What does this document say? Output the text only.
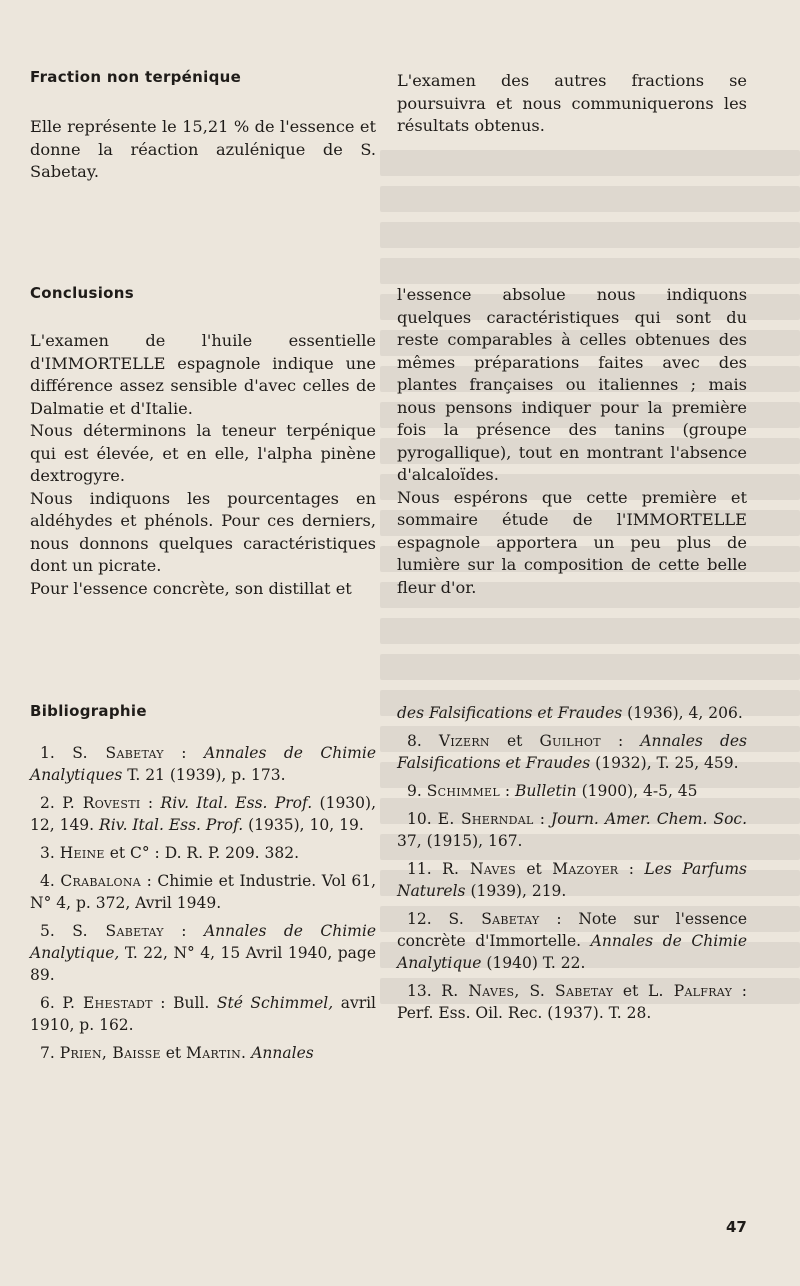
Fraction non terpénique

Elle représente le 15,21 % de l'essence et donne la réaction azulénique de S. Sabetay.

L'examen des autres fractions se poursuivra et nous communiquerons les résultats obtenus.

Conclusions

L'examen de l'huile essentielle d'IMMORTELLE espagnole indique une différence assez sensible d'avec celles de Dalmatie et d'Italie.

Nous déterminons la teneur terpénique qui est élevée, et en elle, l'alpha pinène dextrogyre.

Nous indiquons les pourcentages en aldéhydes et phénols. Pour ces derniers, nous donnons quelques caractéristiques dont un picrate.

Pour l'essence concrète, son distillat et

l'essence absolue nous indiquons quelques caractéristiques qui sont du reste comparables à celles obtenues des mêmes préparations faites avec des plantes françaises ou italiennes ; mais nous pensons indiquer pour la première fois la présence des tanins (groupe pyrogallique), tout en montrant l'absence d'alcaloïdes.

Nous espérons que cette première et sommaire étude de l'IMMORTELLE espagnole apportera un peu plus de lumière sur la composition de cette belle fleur d'or.

Bibliographie

1. S. Sabetay : Annales de Chimie Analytiques T. 21 (1939), p. 173.

2. P. Rovesti : Riv. Ital. Ess. Prof. (1930), 12, 149. Riv. Ital. Ess. Prof. (1935), 10, 19.

3. Heine et C° : D. R. P. 209. 382.

4. Crabalona : Chimie et Industrie. Vol 61, N° 4, p. 372, Avril 1949.

5. S. Sabetay : Annales de Chimie Analytique, T. 22, N° 4, 15 Avril 1940, page 89.

6. P. Ehestadt : Bull. Sté Schimmel, avril 1910, p. 162.

7. Prien, Baisse et Martin. Annales

des Falsifications et Fraudes (1936), 4, 206.

8. Vizern et Guilhot : Annales des Falsifications et Fraudes (1932), T. 25, 459.

9. Schimmel : Bulletin (1900), 4-5, 45

10. E. Sherndal : Journ. Amer. Chem. Soc. 37, (1915), 167.

11. R. Naves et Mazoyer : Les Parfums Naturels (1939), 219.

12. S. Sabetay : Note sur l'essence concrète d'Immortelle. Annales de Chimie Analytique (1940) T. 22.

13. R. Naves, S. Sabetay et L. Palfray : Perf. Ess. Oil. Rec. (1937). T. 28.

47
